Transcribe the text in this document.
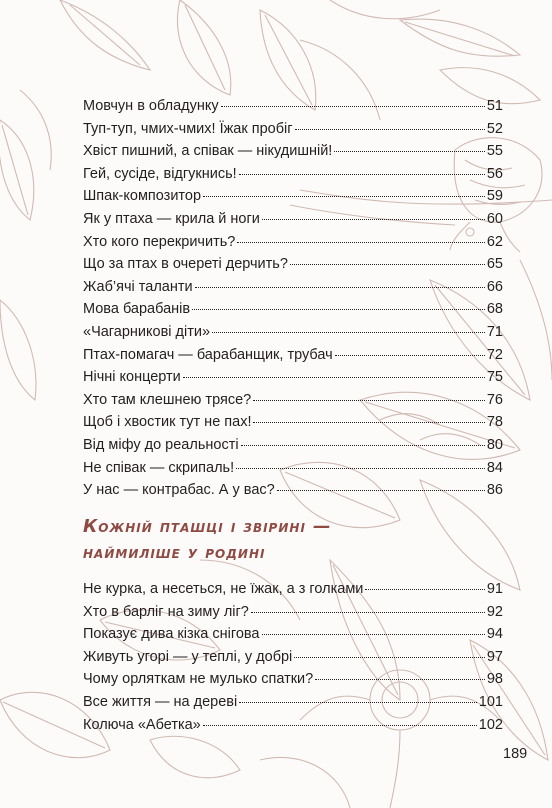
Мовчун в обладунку	51
Туп-туп, чмих-чмих! Їжак пробіг	52
Хвіст пишний, а співак — нікудишній!	55
Гей, сусіде, відгукнись!	56
Шпак-композитор	59
Як у птаха — крила й ноги	60
Хто кого перекричить?	62
Що за птах в очереті дерчить?	65
Жаб’ячі таланти	66
Мова барабанів	68
«Чагарникові діти»	71
Птах-помагач — барабанщик, трубач	72
Нічні концерти	75
Хто там клешнею трясе?	76
Щоб і хвостик тут не пах!	78
Від міфу до реальності	80
Не співак — скрипаль!	84
У нас — контрабас. А у вас?	86
Кожній пташці і звірині —
наймиліше у родині
Не курка, а несеться, не їжак, а з голками	91
Хто в барліг на зиму ліг?	92
Показує дива кізка снігова	94
Живуть угорі — у теплі, у добрі	97
Чому орляткам не мулько спатки?	98
Все життя — на дереві	101
Колюча «Абетка»	102
189
